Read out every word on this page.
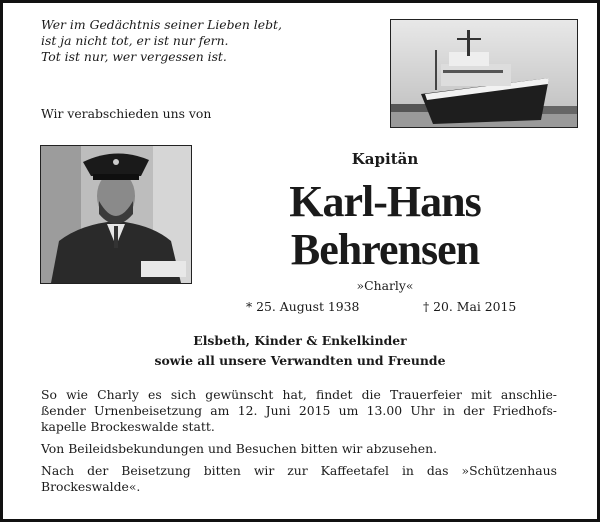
Wer im Gedächtnis seiner Lieben lebt,
ist ja nicht tot, er ist nur fern.
Tot ist nur, wer vergessen ist.
Wir verabschieden uns von
Kapitän
Karl-Hans
Behrensen
»Charly«
* 25. August 1938	† 20. Mai 2015
Elsbeth, Kinder & Enkelkinder
sowie all unsere Verwandten und Freunde
So wie Charly es sich gewünscht hat, findet die Trauerfeier mit anschlie-
ßender Urnenbeisetzung am 12. Juni 2015 um 13.00 Uhr in der Friedhofs-
kapelle Brockeswalde statt.
Von Beileidsbekundungen und Besuchen bitten wir abzusehen.
Nach der Beisetzung bitten wir zur Kaffeetafel in das »Schützenhaus
Brockeswalde«.
